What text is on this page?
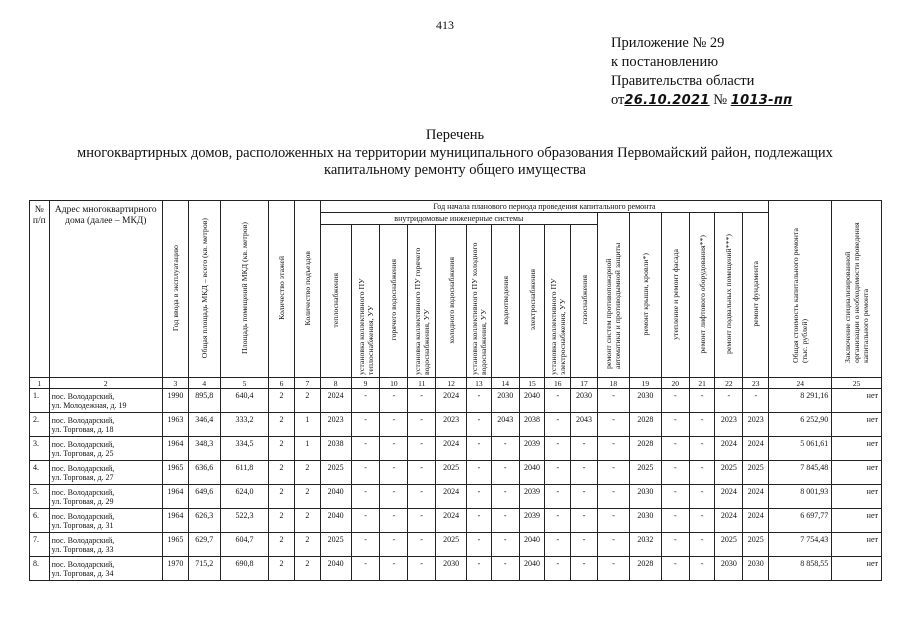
413
Приложение № 29
к постановлению
Правительства области
от26.10.2021 № 1013-пп
Перечень
многоквартирных домов, расположенных на территории муниципального образования Первомайский район, подлежащих
капитальному ремонту общего имущества
№ п/п	Адрес многоквартирного дома (далее – МКД)	Год ввода в эксплуатацию	Общая площадь МКД – всего (кв. метров)	Площадь помещений МКД (кв. метров)	Количество этажей	Количество подъездов	Год начала планового периода проведения капитального ремонта																Общая стоимость капитального ремонта (тыс. рублей)	Заключение специализированной организации о необходимости проведения капитального ремонта
							внутридомовые инженерные системы										ремонт систем противопожарной автоматики и противодымной защиты	ремонт крыши, кровли*)	утепление и ремонт фасада	ремонт лифтового оборудования**)	ремонт подвальных помещений***)	ремонт фундамента		
							теплоснабжения	установка коллективного ПУ теплоснабжения, УУ	горячего водоснабжения	установка коллективного ПУ горячего водоснабжения, УУ	холодного водоснабжения	установка коллективного ПУ холодного водоснабжения, УУ	водоотведения	электроснабжения	установка коллективного ПУ электроснабжения, УУ	газоснабжения								
1	2	3	4	5	6	7	8	9	10	11	12	13	14	15	16	17	18	19	20	21	22	23	24	25
1.	пос. Володарский,
ул. Молодежная, д. 19	1990	895,8	640,4	2	2	2024	-	-	-	2024	-	2030	2040	-	2030	-	2030	-	-	-	-	8 291,16	нет
2.	пос. Володарский,
ул. Торговая, д. 18	1963	346,4	333,2	2	1	2023	-	-	-	2023	-	2043	2038	-	2043	-	2028	-	-	2023	2023	6 252,90	нет
3.	пос. Володарский,
ул. Торговая, д. 25	1964	348,3	334,5	2	1	2038	-	-	-	2024	-	-	2039	-	-	-	2028	-	-	2024	2024	5 061,61	нет
4.	пос. Володарский,
ул. Торговая, д. 27	1965	636,6	611,8	2	2	2025	-	-	-	2025	-	-	2040	-	-	-	2025	-	-	2025	2025	7 845,48	нет
5.	пос. Володарский,
ул. Торговая, д. 29	1964	649,6	624,0	2	2	2040	-	-	-	2024	-	-	2039	-	-	-	2030	-	-	2024	2024	8 001,93	нет
6.	пос. Володарский,
ул. Торговая, д. 31	1964	626,3	522,3	2	2	2040	-	-	-	2024	-	-	2039	-	-	-	2030	-	-	2024	2024	6 697,77	нет
7.	пос. Володарский,
ул. Торговая, д. 33	1965	629,7	604,7	2	2	2025	-	-	-	2025	-	-	2040	-	-	-	2032	-	-	2025	2025	7 754,43	нет
8.	пос. Володарский,
ул. Торговая, д. 34	1970	715,2	690,8	2	2	2040	-	-	-	2030	-	-	2040	-	-	-	2028	-	-	2030	2030	8 858,55	нет
